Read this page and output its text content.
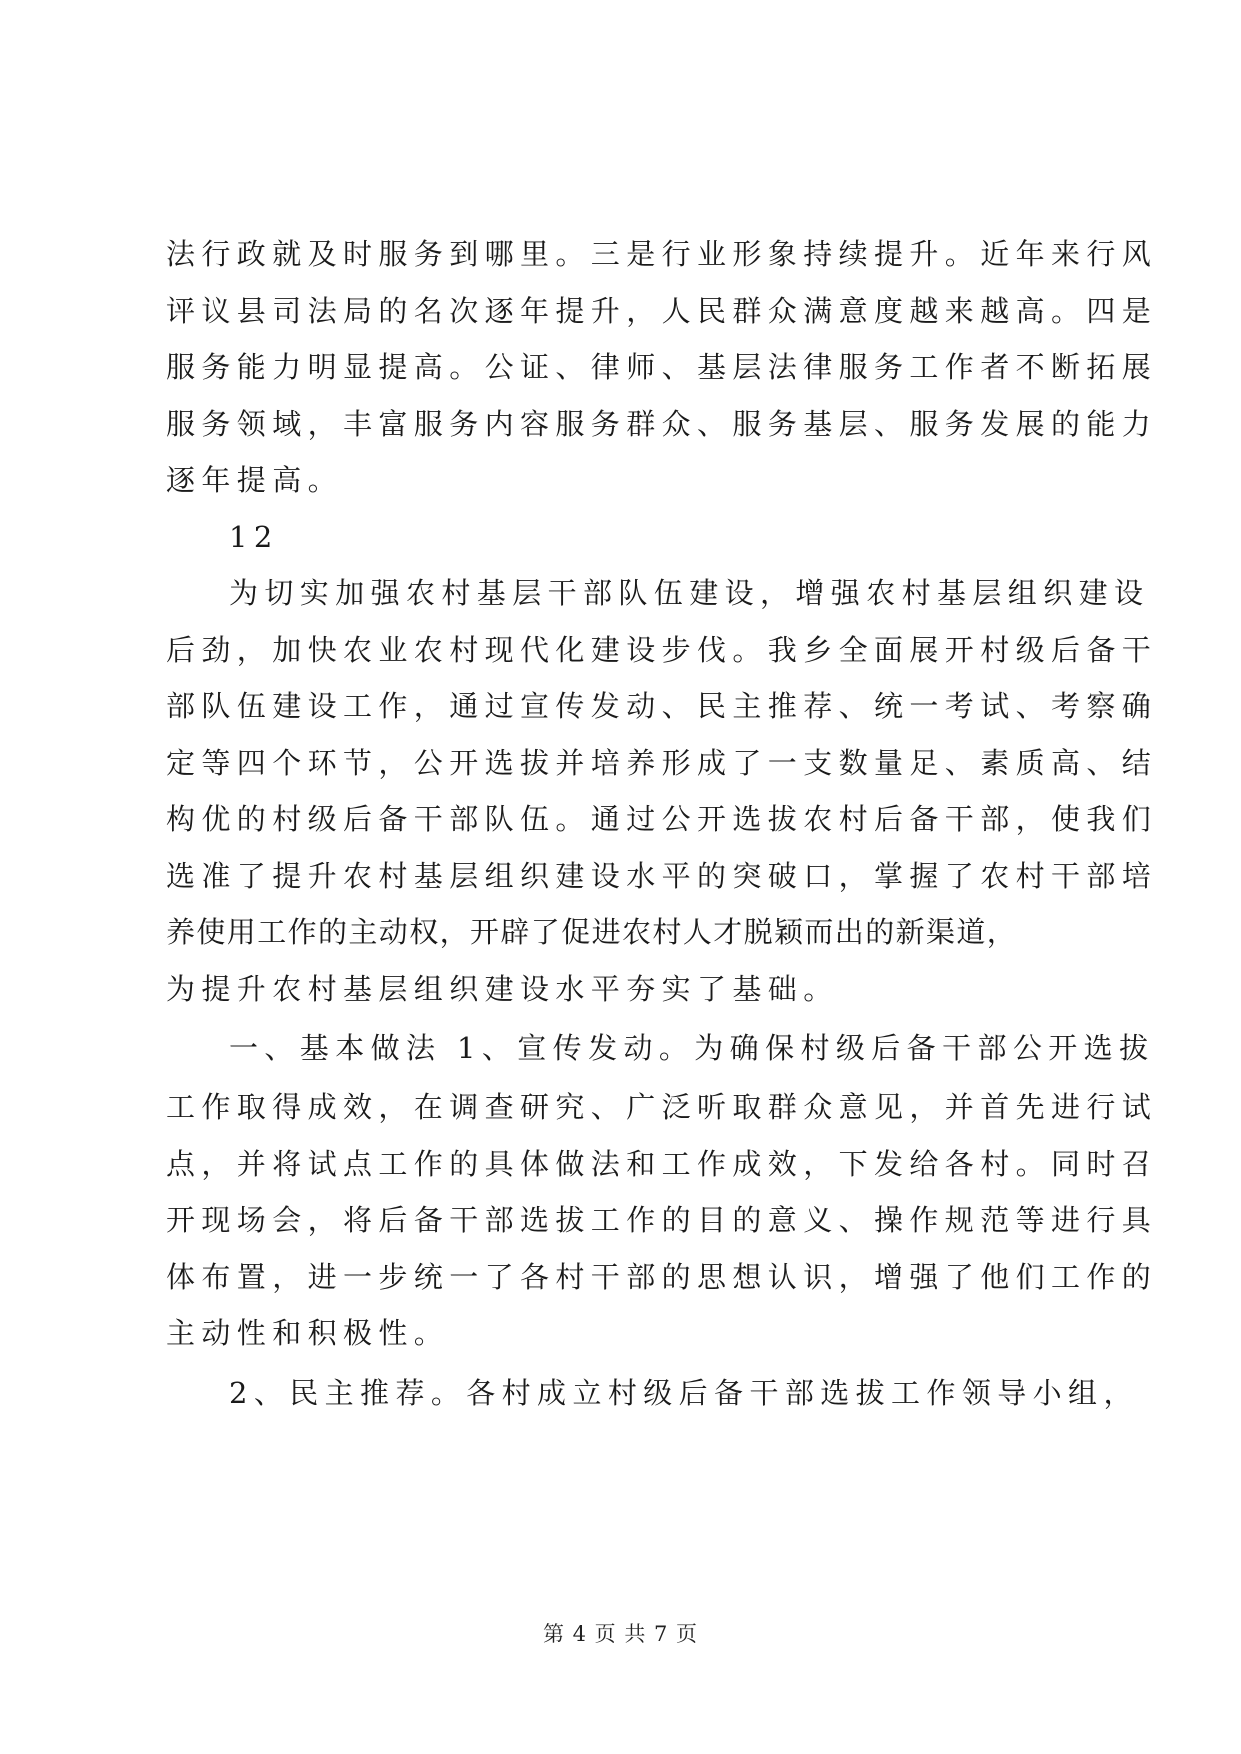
法行政就及时服务到哪里。三是行业形象持续提升。近年来行风
评议县司法局的名次逐年提升，人民群众满意度越来越高。四是
服务能力明显提高。公证、律师、基层法律服务工作者不断拓展
服务领域，丰富服务内容服务群众、服务基层、服务发展的能力
逐年提高。
12
为切实加强农村基层干部队伍建设，增强农村基层组织建设
后劲，加快农业农村现代化建设步伐。我乡全面展开村级后备干
部队伍建设工作，通过宣传发动、民主推荐、统一考试、考察确
定等四个环节，公开选拔并培养形成了一支数量足、素质高、结
构优的村级后备干部队伍。通过公开选拔农村后备干部，使我们
选准了提升农村基层组织建设水平的突破口，掌握了农村干部培
养使用工作的主动权，开辟了促进农村人才脱颖而出的新渠道，
为提升农村基层组织建设水平夯实了基础。
一、基本做法 1、宣传发动。为确保村级后备干部公开选拔
工作取得成效，在调查研究、广泛听取群众意见，并首先进行试
点，并将试点工作的具体做法和工作成效，下发给各村。同时召
开现场会，将后备干部选拔工作的目的意义、操作规范等进行具
体布置，进一步统一了各村干部的思想认识，增强了他们工作的
主动性和积极性。
2、民主推荐。各村成立村级后备干部选拔工作领导小组，
第 4 页 共 7 页
